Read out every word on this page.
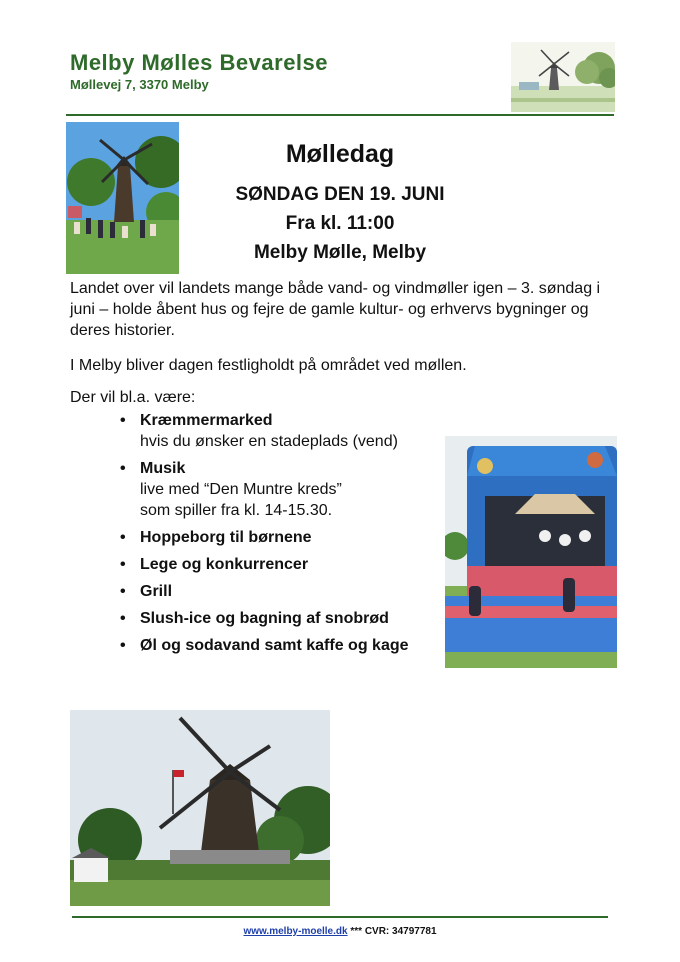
Melby Mølles Bevarelse
Møllevej 7, 3370 Melby
Mølledag
SØNDAG DEN 19. JUNI
Fra kl. 11:00
Melby Mølle, Melby
Landet over vil landets mange både vand- og vindmøller igen – 3. søndag i juni – holde åbent hus og fejre de gamle kultur- og erhvervs bygninger og deres historier.
I Melby bliver dagen festligholdt på området ved møllen.
Der vil bl.a. være:
• Kræmmermarked
hvis du ønsker en stadeplads (vend)
• Musik
live med “Den Muntre kreds”
som spiller fra kl. 14-15.30.
• Hoppeborg til børnene
• Lege og konkurrencer
• Grill
• Slush-ice og bagning af snobrød
• Øl og sodavand samt kaffe og kage
www.melby-moelle.dk *** CVR: 34797781
